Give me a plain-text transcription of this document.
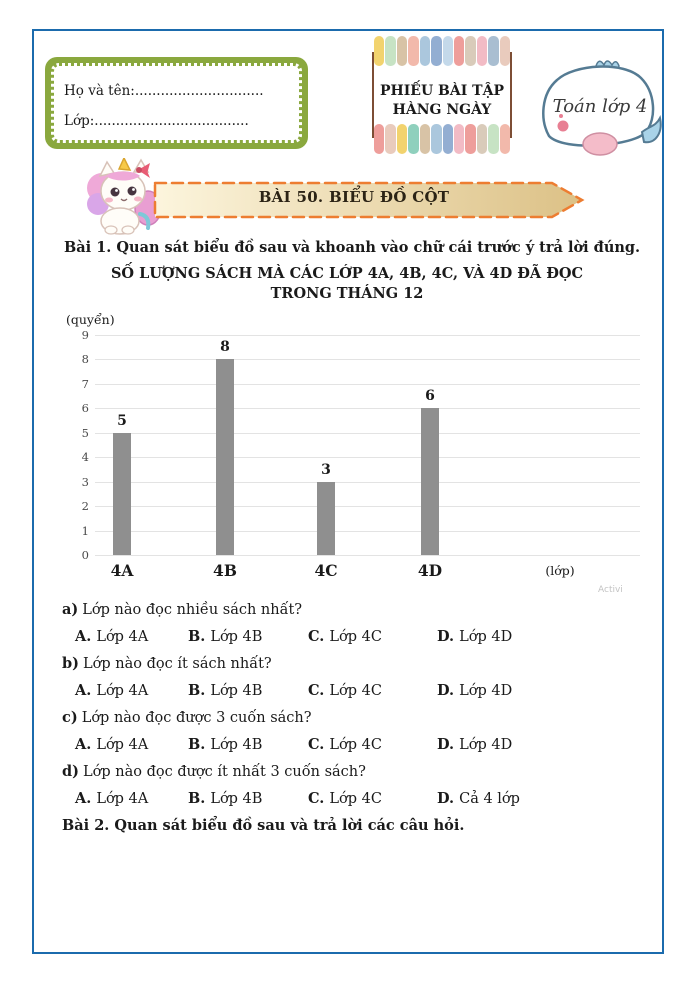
Họ và tên:..............................
Lớp:....................................
PHIẾU BÀI TẬP
HÀNG NGÀY	Toán lớp 4
BÀI 50. BIỂU ĐỒ CỘT
Bài 1. Quan sát biểu đồ sau và khoanh vào chữ cái trước ý trả lời đúng.
SỐ LƯỢNG SÁCH MÀ CÁC LỚP 4A, 4B, 4C, VÀ 4D ĐÃ ĐỌC
TRONG THÁNG 12
(quyển)
(lớp)
0
1
2
3
4
5
6
7
8
9
5
4A
8
4B
3
4C
6
4D
Activi
a) Lớp nào đọc nhiều sách nhất?
A. Lớp 4A	B. Lớp 4B	C. Lớp 4C	D. Lớp 4D
b) Lớp nào đọc ít sách nhất?
A. Lớp 4A	B. Lớp 4B	C. Lớp 4C	D. Lớp 4D
c) Lớp nào đọc được 3 cuốn sách?
A. Lớp 4A	B. Lớp 4B	C. Lớp 4C	D. Lớp 4D
d) Lớp nào đọc được ít nhất 3 cuốn sách?
A. Lớp 4A	B. Lớp 4B	C. Lớp 4C	D. Cả 4 lớp
Bài 2. Quan sát biểu đồ sau và trả lời các câu hỏi.
